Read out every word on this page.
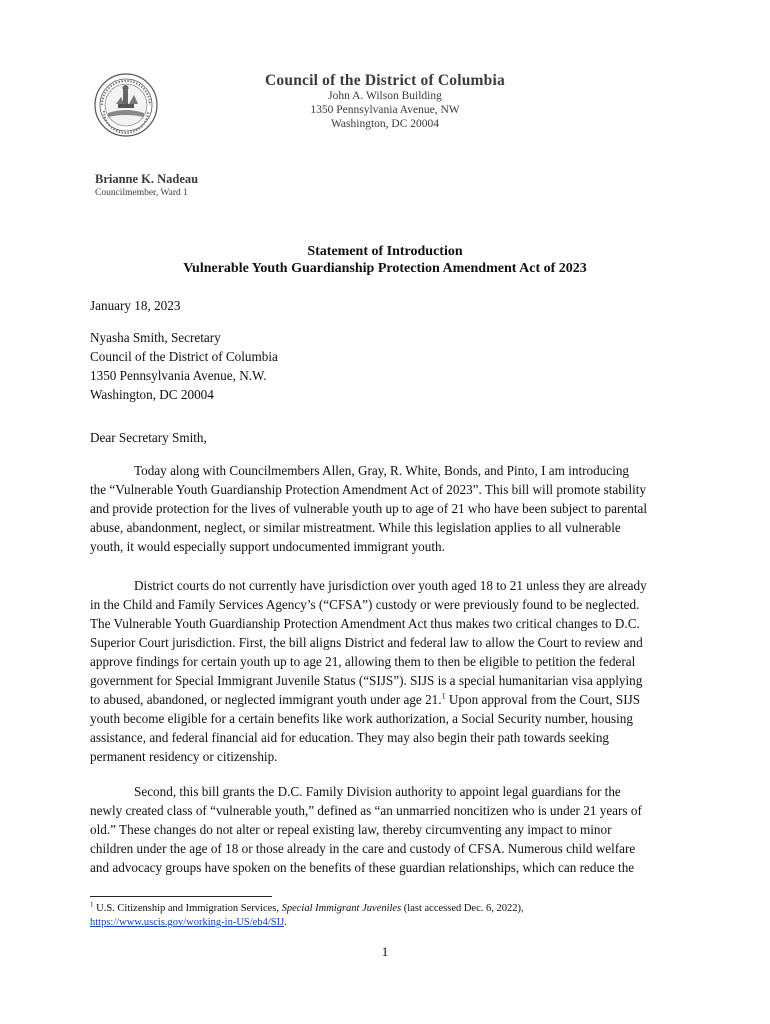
Council of the District of Columbia
John A. Wilson Building
1350 Pennsylvania Avenue, NW
Washington, DC 20004
Brianne K. Nadeau
Councilmember, Ward 1
Statement of Introduction
Vulnerable Youth Guardianship Protection Amendment Act of 2023
January 18, 2023
Nyasha Smith, Secretary
Council of the District of Columbia
1350 Pennsylvania Avenue, N.W.
Washington, DC 20004
Dear Secretary Smith,
Today along with Councilmembers Allen, Gray, R. White, Bonds, and Pinto, I am introducing
the “Vulnerable Youth Guardianship Protection Amendment Act of 2023”. This bill will promote stability
and provide protection for the lives of vulnerable youth up to age of 21 who have been subject to parental
abuse, abandonment, neglect, or similar mistreatment. While this legislation applies to all vulnerable
youth, it would especially support undocumented immigrant youth.
District courts do not currently have jurisdiction over youth aged 18 to 21 unless they are already
in the Child and Family Services Agency’s (“CFSA”) custody or were previously found to be neglected.
The Vulnerable Youth Guardianship Protection Amendment Act thus makes two critical changes to D.C.
Superior Court jurisdiction. First, the bill aligns District and federal law to allow the Court to review and
approve findings for certain youth up to age 21, allowing them to then be eligible to petition the federal
government for Special Immigrant Juvenile Status (“SIJS”). SIJS is a special humanitarian visa applying
to abused, abandoned, or neglected immigrant youth under age 21.$^1$ Upon approval from the Court, SIJS
youth become eligible for a certain benefits like work authorization, a Social Security number, housing
assistance, and federal financial aid for education. They may also begin their path towards seeking
permanent residency or citizenship.
Second, this bill grants the D.C. Family Division authority to appoint legal guardians for the
newly created class of “vulnerable youth,” defined as “an unmarried noncitizen who is under 21 years of
old.” These changes do not alter or repeal existing law, thereby circumventing any impact to minor
children under the age of 18 or those already in the care and custody of CFSA. Numerous child welfare
and advocacy groups have spoken on the benefits of these guardian relationships, which can reduce the
$^1$ U.S. Citizenship and Immigration Services, Special Immigrant Juveniles (last accessed Dec. 6, 2022),
https://www.uscis.gov/working-in-US/eb4/SIJ.
1
